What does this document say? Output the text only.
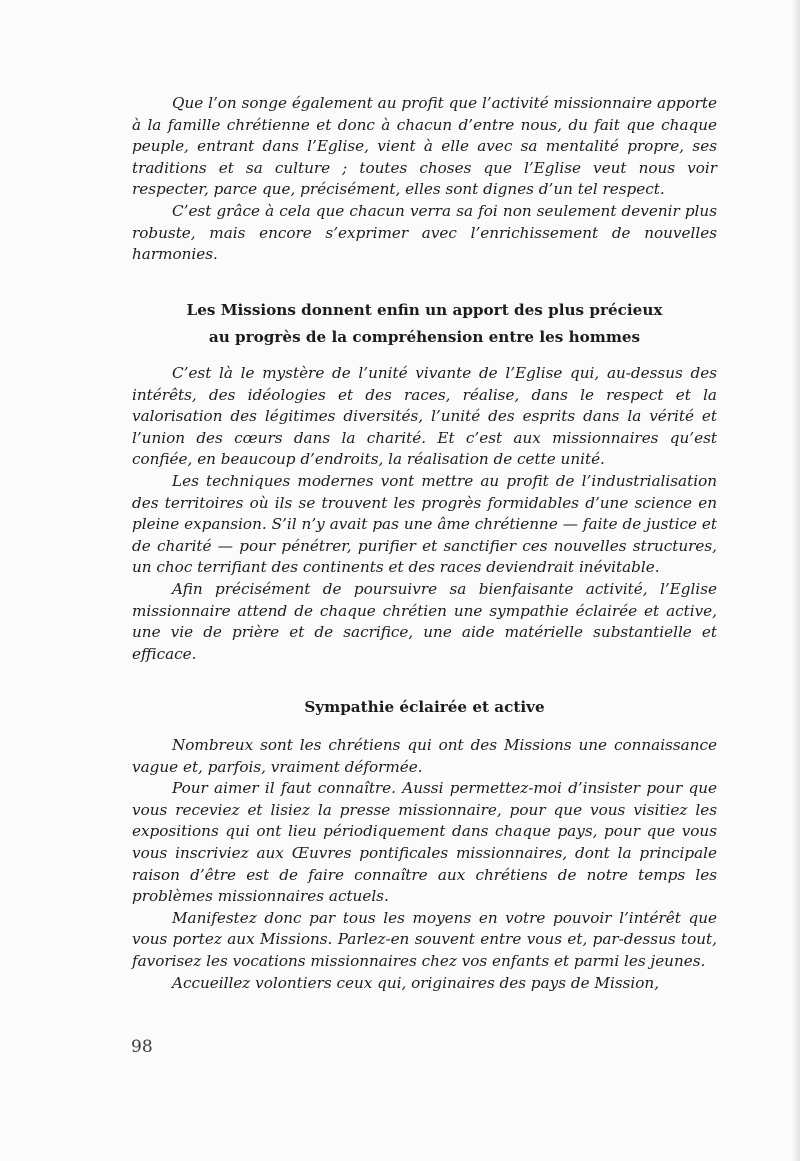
Que l’on songe également au profit que l’activité missionnaire apporte à la famille chrétienne et donc à chacun d’entre nous, du fait que chaque peuple, entrant dans l’Eglise, vient à elle avec sa mentalité propre, ses traditions et sa culture ; toutes choses que l’Eglise veut nous voir respecter, parce que, précisément, elles sont dignes d’un tel respect.

C’est grâce à cela que chacun verra sa foi non seulement devenir plus robuste, mais encore s’exprimer avec l’enrichissement de nouvelles harmonies.

Les Missions donnent enfin un apport des plus précieux
au progrès de la compréhension entre les hommes

C’est là le mystère de l’unité vivante de l’Eglise qui, au-dessus des intérêts, des idéologies et des races, réalise, dans le respect et la valorisation des légitimes diversités, l’unité des esprits dans la vérité et l’union des cœurs dans la charité. Et c’est aux missionnaires qu’est confiée, en beaucoup d’endroits, la réalisation de cette unité.

Les techniques modernes vont mettre au profit de l’industrialisation des territoires où ils se trouvent les progrès formidables d’une science en pleine expansion. S’il n’y avait pas une âme chrétienne — faite de justice et de charité — pour pénétrer, purifier et sanctifier ces nouvelles structures, un choc terrifiant des continents et des races deviendrait inévitable.

Afin précisément de poursuivre sa bienfaisante activité, l’Eglise missionnaire attend de chaque chrétien une sympathie éclairée et active, une vie de prière et de sacrifice, une aide matérielle substantielle et efficace.

Sympathie éclairée et active

Nombreux sont les chrétiens qui ont des Missions une connaissance vague et, parfois, vraiment déformée.

Pour aimer il faut connaître. Aussi permettez-moi d’insister pour que vous receviez et lisiez la presse missionnaire, pour que vous visitiez les expositions qui ont lieu périodiquement dans chaque pays, pour que vous vous inscriviez aux Œuvres pontificales missionnaires, dont la principale raison d’être est de faire connaître aux chrétiens de notre temps les problèmes missionnaires actuels.

Manifestez donc par tous les moyens en votre pouvoir l’intérêt que vous portez aux Missions. Parlez-en souvent entre vous et, par-dessus tout, favorisez les vocations missionnaires chez vos enfants et parmi les jeunes.

Accueillez volontiers ceux qui, originaires des pays de Mission,

98
